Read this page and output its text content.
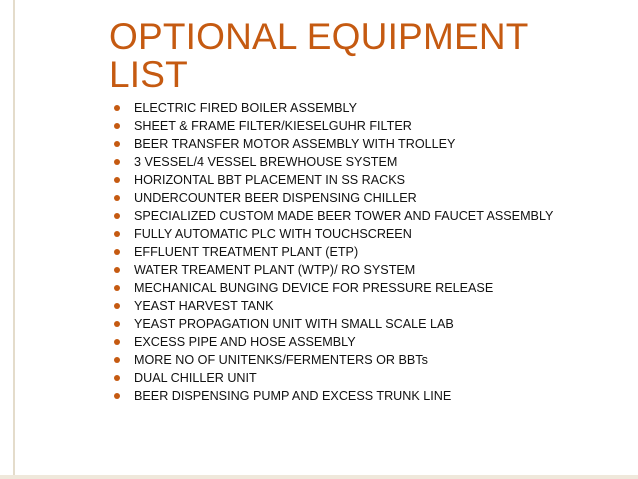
OPTIONAL EQUIPMENT
LIST
ELECTRIC FIRED BOILER ASSEMBLY
SHEET & FRAME FILTER/KIESELGUHR FILTER
BEER TRANSFER MOTOR ASSEMBLY WITH TROLLEY
3 VESSEL/4 VESSEL BREWHOUSE SYSTEM
HORIZONTAL BBT PLACEMENT IN SS RACKS
UNDERCOUNTER BEER DISPENSING CHILLER
SPECIALIZED CUSTOM MADE BEER TOWER AND FAUCET ASSEMBLY
FULLY AUTOMATIC PLC WITH TOUCHSCREEN
EFFLUENT TREATMENT PLANT (ETP)
WATER TREAMENT PLANT (WTP)/ RO SYSTEM
MECHANICAL BUNGING DEVICE FOR PRESSURE RELEASE
YEAST HARVEST TANK
YEAST PROPAGATION UNIT WITH SMALL SCALE LAB
EXCESS PIPE AND HOSE ASSEMBLY
MORE NO OF UNITENKS/FERMENTERS OR BBTs
DUAL CHILLER UNIT
BEER DISPENSING PUMP AND EXCESS TRUNK LINE
